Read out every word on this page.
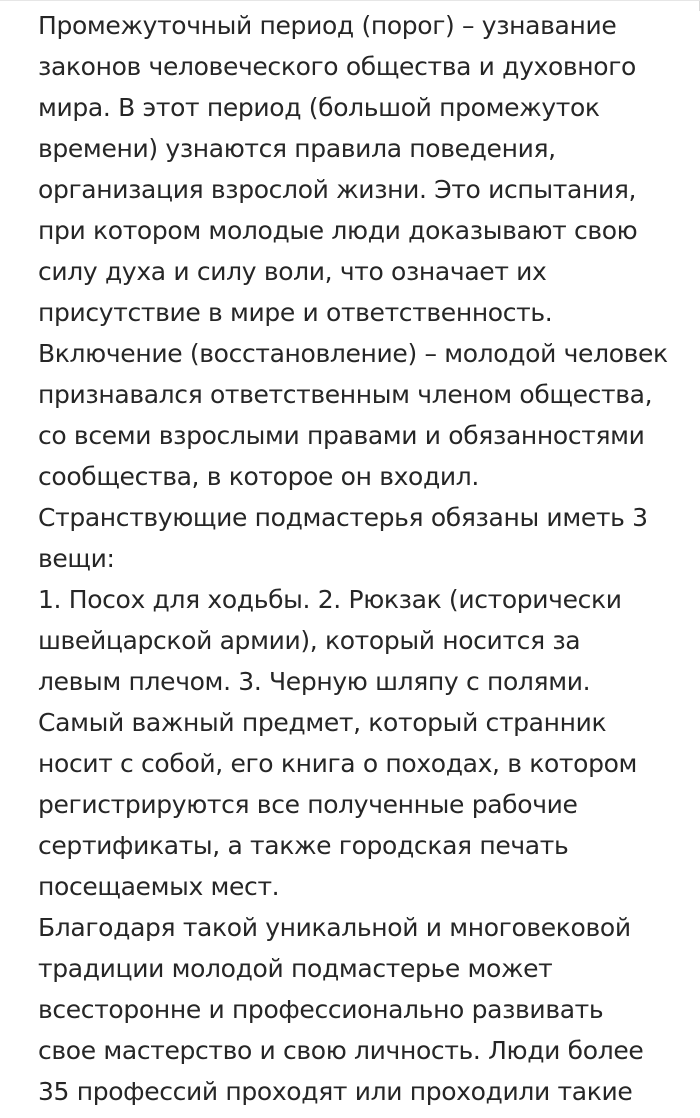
Промежуточный период (порог) – узнавание
законов человеческого общества и духовного
мира. В этот период (большой промежуток
времени) узнаются правила поведения,
организация взрослой жизни. Это испытания,
при котором молодые люди доказывают свою
силу духа и силу воли, что означает их
присутствие в мире и ответственность.

Включение (восстановление) – молодой человек
признавался ответственным членом общества,
со всеми взрослыми правами и обязанностями
сообщества, в которое он входил.

Странствующие подмастерья обязаны иметь 3
вещи:

1. Посох для ходьбы. 2. Рюкзак (исторически
швейцарской армии), который носится за
левым плечом. 3. Черную шляпу с полями.
Самый важный предмет, который странник
носит с собой, его книга о походах, в котором
регистрируются все полученные рабочие
сертификаты, а также городская печать
посещаемых мест.

Благодаря такой уникальной и многовековой
традиции молодой подмастерье может
всесторонне и профессионально развивать
свое мастерство и свою личность. Люди более
35 профессий проходят или проходили такие
